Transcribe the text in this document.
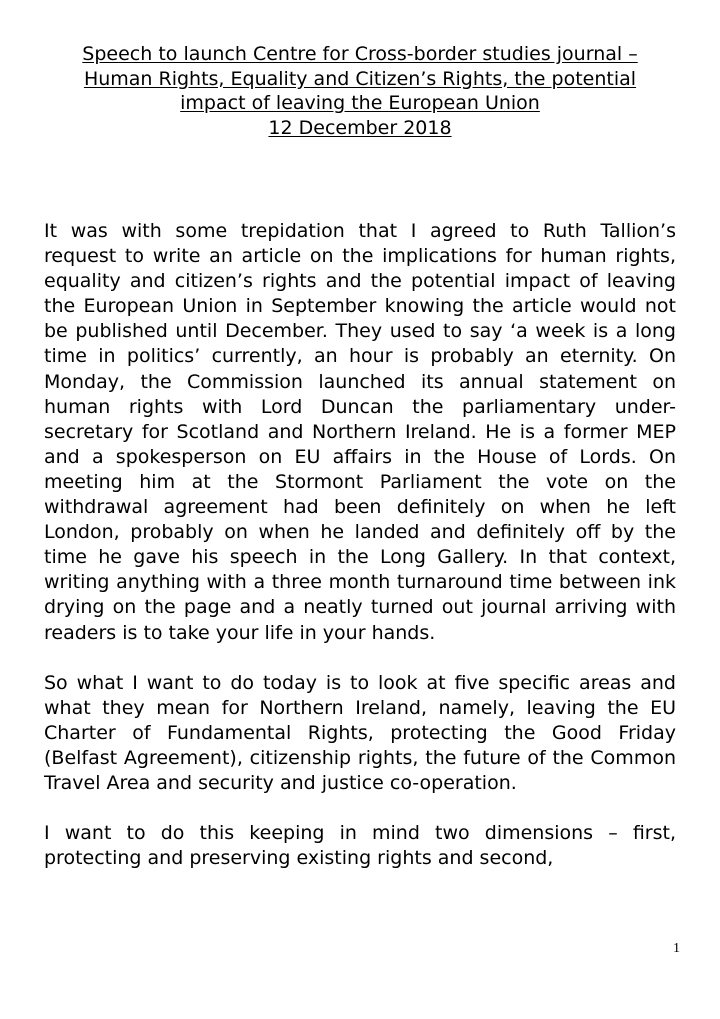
Speech to launch Centre for Cross-border studies journal –
Human Rights, Equality and Citizen’s Rights, the potential
impact of leaving the European Union
12 December 2018

It was with some trepidation that I agreed to Ruth Tallion’s request to write an article on the implications for human rights, equality and citizen’s rights and the potential impact of leaving the European Union in September knowing the article would not be published until December. They used to say ‘a week is a long time in politics’ currently, an hour is probably an eternity. On Monday, the Commission launched its annual statement on human rights with Lord Duncan the parliamentary under-secretary for Scotland and Northern Ireland. He is a former MEP and a spokesperson on EU affairs in the House of Lords. On meeting him at the Stormont Parliament the vote on the withdrawal agreement had been definitely on when he left London, probably on when he landed and definitely off by the time he gave his speech in the Long Gallery. In that context, writing anything with a three month turnaround time between ink drying on the page and a neatly turned out journal arriving with readers is to take your life in your hands.

So what I want to do today is to look at five specific areas and what they mean for Northern Ireland, namely, leaving the EU Charter of Fundamental Rights, protecting the Good Friday (Belfast Agreement), citizenship rights, the future of the Common Travel Area and security and justice co-operation.

I want to do this keeping in mind two dimensions – first, protecting and preserving existing rights and second,

1
